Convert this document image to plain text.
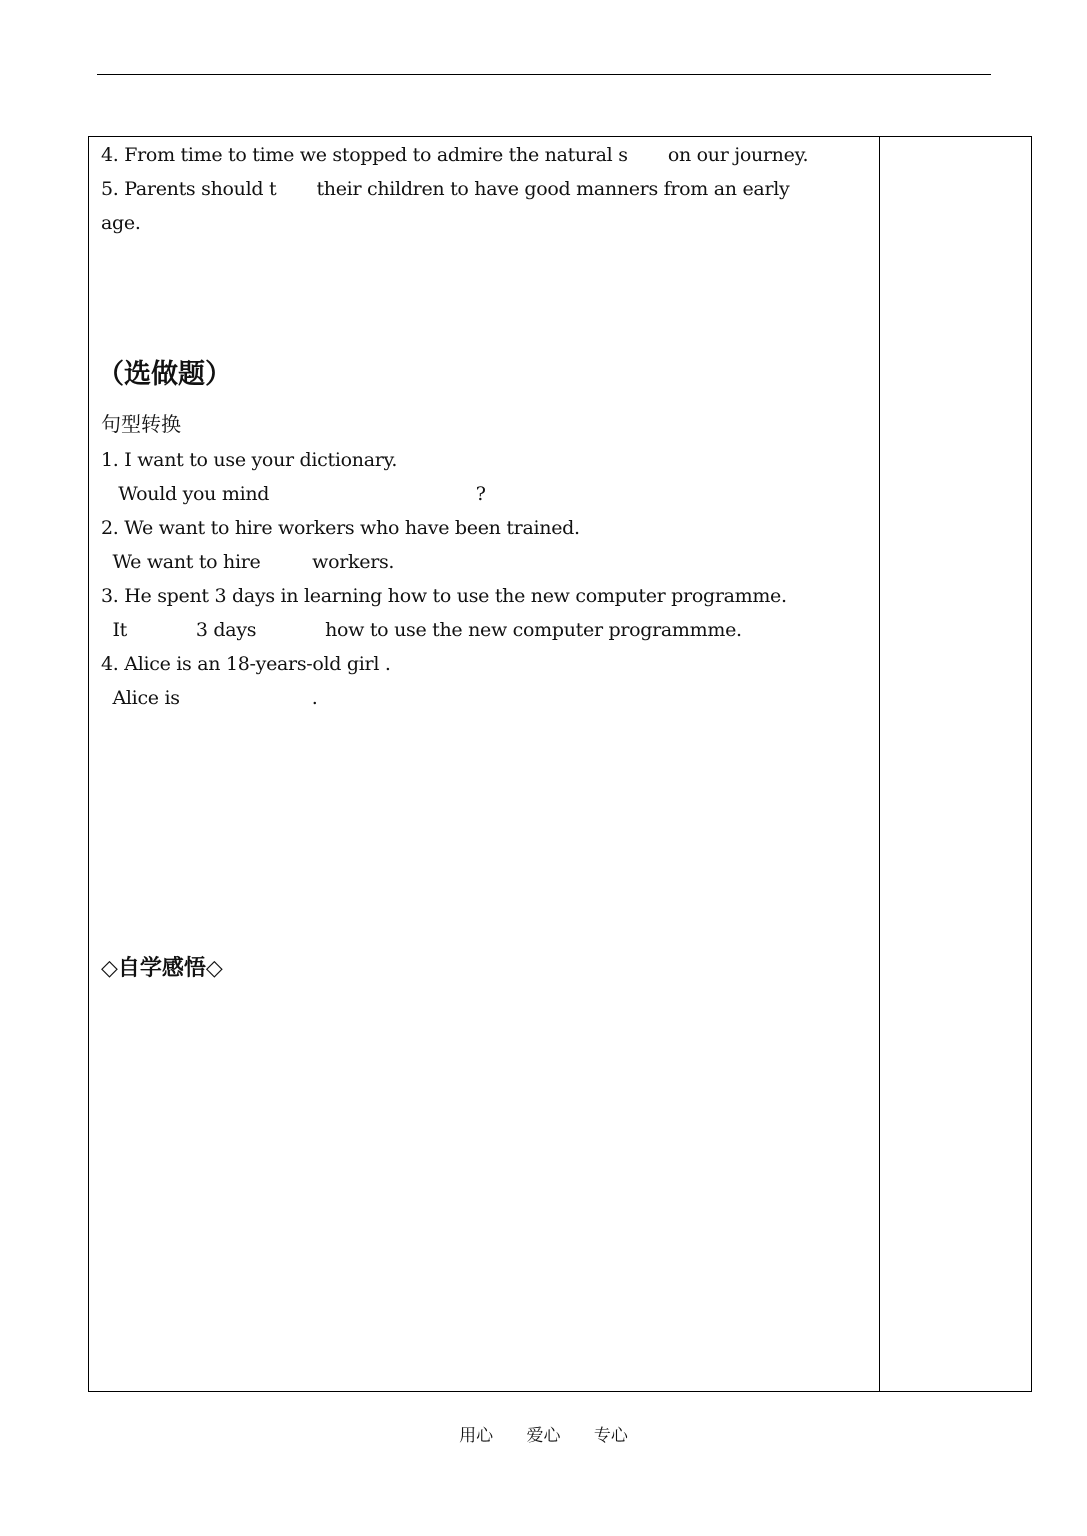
4. From time to time we stopped to admire the natural s       on our journey.
5. Parents should t       their children to have good manners from an early
age.
（选做题）
句型转换
1. I want to use your dictionary.
Would you mind                                    ?
2. We want to hire workers who have been trained.
We want to hire         workers.
3. He spent 3 days in learning how to use the new computer programme.
It            3 days            how to use the new computer programmme.
4. Alice is an 18-years-old girl .
Alice is                       .
◇自学感悟◇
用心 爱心 专心
